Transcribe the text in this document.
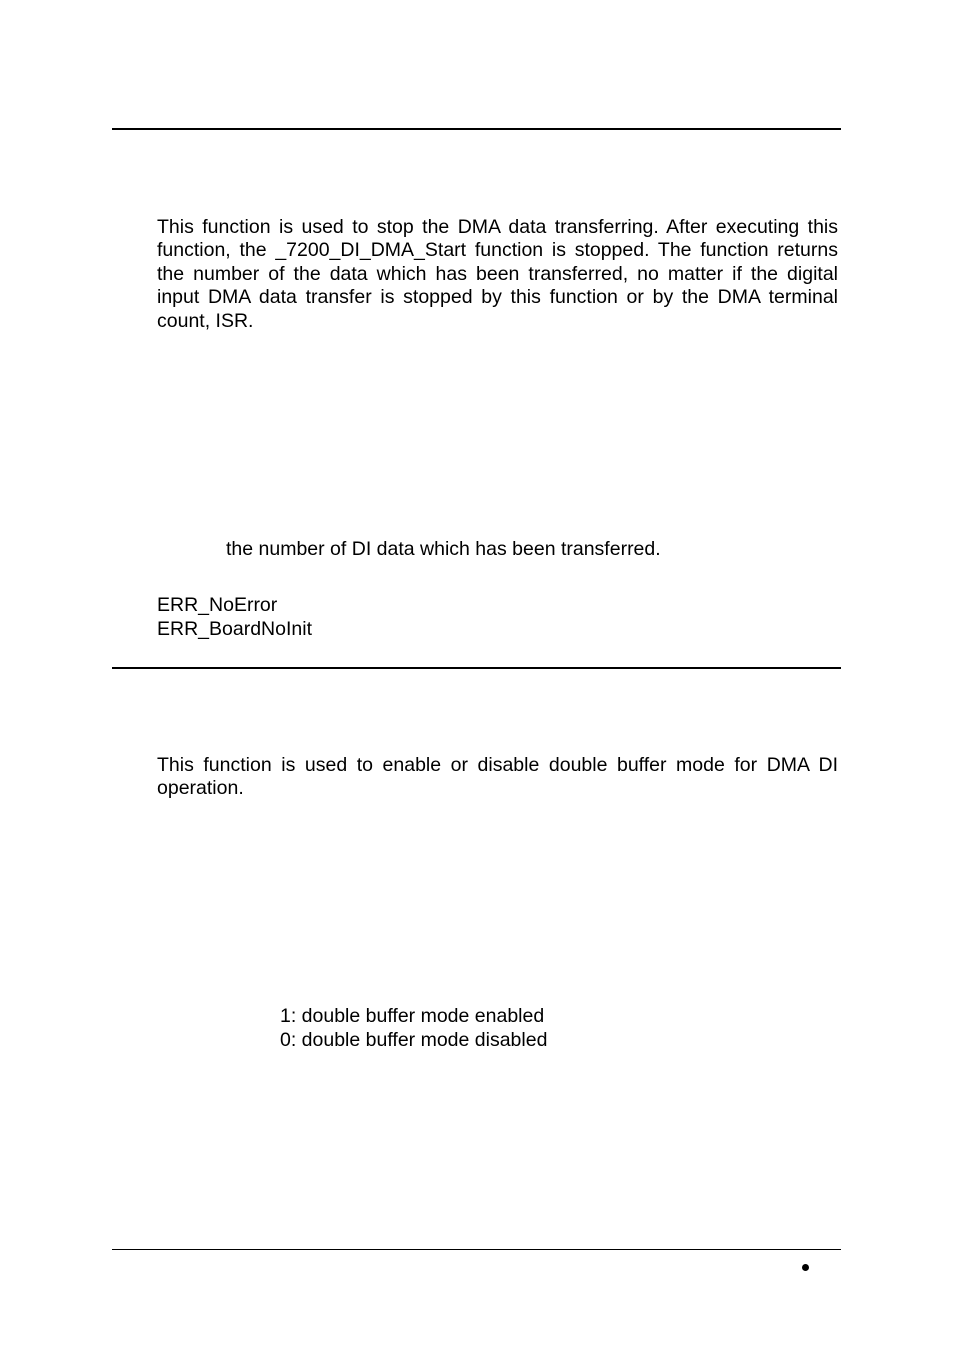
This function is used to stop the DMA data transferring. After executing this function, the _7200_DI_DMA_Start function is stopped. The function returns the number of the data which has been transferred, no matter if the digital input DMA data transfer is stopped by this function or by the DMA terminal count, ISR.

the number of DI data which has been transferred.

ERR_NoError

ERR_BoardNoInit

This function is used to enable or disable double buffer mode for DMA DI operation.

1: double buffer mode enabled

0: double buffer mode disabled
